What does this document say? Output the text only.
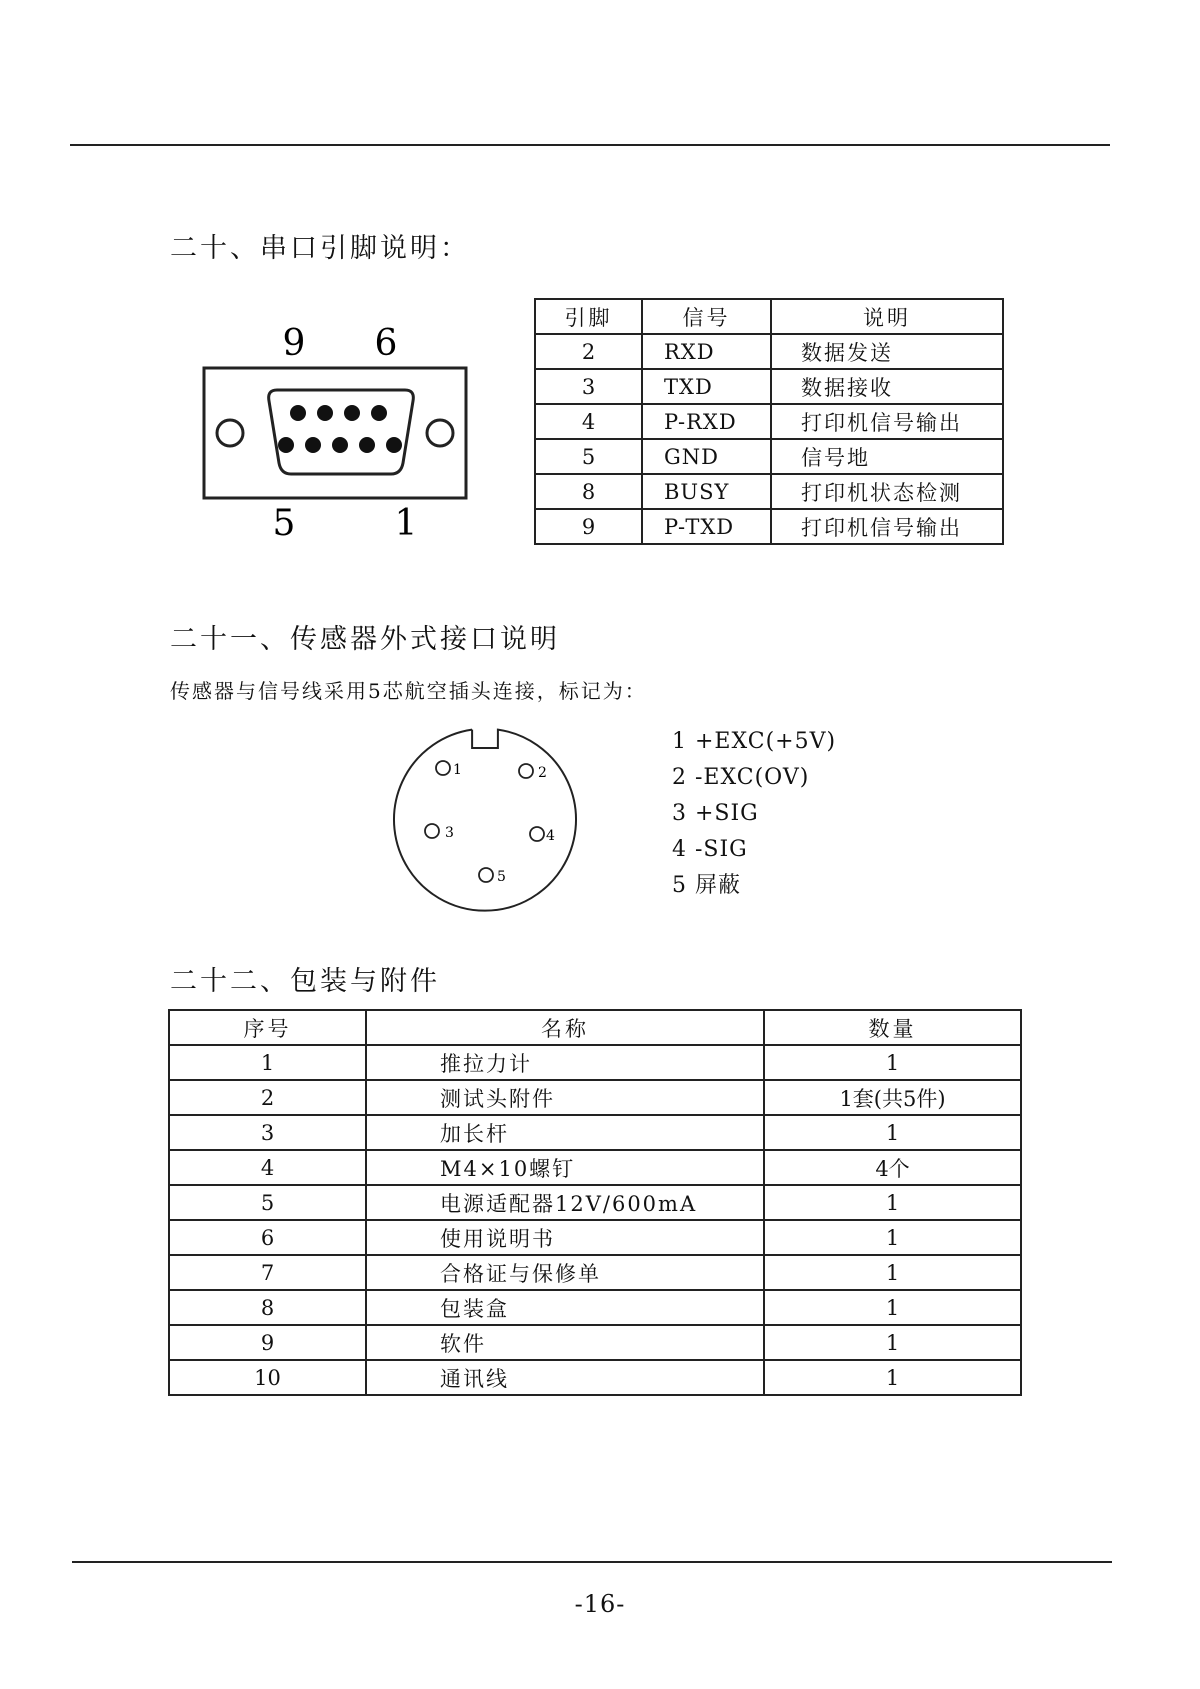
二十、串口引脚说明：
9 6
5	1
引脚	信号	说明
2	RXD	数据发送
3	TXD	数据接收
4	P-RXD	打印机信号输出
5	GND	信号地
8	BUSY	打印机状态检测
9	P-TXD	打印机信号输出
二十一、传感器外式接口说明
传感器与信号线采用5芯航空插头连接，标记为：
1	2
3	4
5
1 +EXC(+5V)
2 -EXC(OV)
3 +SIG
4 -SIG
5 屏蔽
二十二、包装与附件
序号	名称	数量
1	推拉力计	1
2	测试头附件	1套(共5件)
3	加长杆	1
4	M4×10螺钉	4个
5	电源适配器12V/600mA	1
6	使用说明书	1
7	合格证与保修单	1
8	包装盒	1
9	软件	1
10	通讯线	1
-16-
